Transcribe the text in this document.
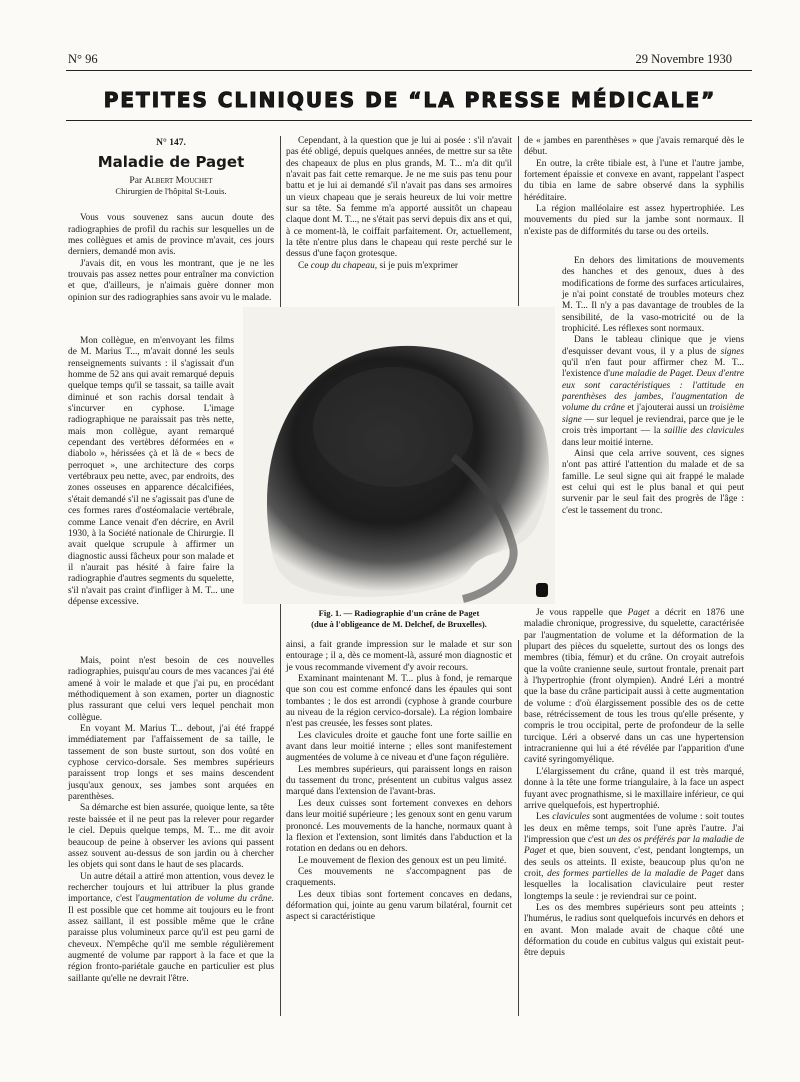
N° 96	29 Novembre 1930
PETITES CLINIQUES DE “LA PRESSE MÉDICALE”
N° 147.
Maladie de Paget
Par Albert Mouchet
Chirurgien de l'hôpital St-Louis.

Vous vous souvenez sans aucun doute des radiographies de profil du rachis sur lesquelles un de mes collègues et amis de province m'avait, ces jours derniers, demandé mon avis.

J'avais dit, en vous les montrant, que je ne les trouvais pas assez nettes pour entraîner ma conviction et que, d'ailleurs, je n'aimais guère donner mon opinion sur des radiographies sans avoir vu le malade.

Mon collègue, en m'envoyant les films de M. Marius T..., m'avait donné les seuls renseignements suivants : il s'agissait d'un homme de 52 ans qui avait remarqué depuis quelque temps qu'il se tassait, sa taille avait diminué et son rachis dorsal tendait à s'incurver en cyphose. L'image radiographique ne paraissait pas très nette, mais mon collègue, ayant remarqué cependant des vertèbres déformées en « diabolo », hérissées çà et là de « becs de perroquet », une architecture des corps vertébraux peu nette, avec, par endroits, des zones osseuses en apparence décalcifiées, s'était demandé s'il ne s'agissait pas d'une de ces formes rares d'ostéomalacie vertébrale, comme Lance venait d'en décrire, en Avril 1930, à la Société nationale de Chirurgie. Il avait quelque scrupule à affirmer un diagnostic aussi fâcheux pour son malade et il n'aurait pas hésité à faire faire la radiographie d'autres segments du squelette, s'il n'avait pas craint d'infliger à M. T... une dépense excessive.

Mais, point n'est besoin de ces nouvelles radiographies, puisqu'au cours de mes vacances j'ai été amené à voir le malade et que j'ai pu, en procédant méthodiquement à son examen, porter un diagnostic plus rassurant que celui vers lequel penchait mon collègue.

En voyant M. Marius T... debout, j'ai été frappé immédiatement par l'affaissement de sa taille, le tassement de son buste surtout, son dos voûté en cyphose cervico-dorsale. Ses membres supérieurs paraissent trop longs et ses mains descendent jusqu'aux genoux, ses jambes sont arquées en parenthèses.

Sa démarche est bien assurée, quoique lente, sa tête reste baissée et il ne peut pas la relever pour regarder le ciel. Depuis quelque temps, M. T... me dit avoir beaucoup de peine à observer les avions qui passent assez souvent au-dessus de son jardin ou à chercher les objets qui sont dans le haut de ses placards.

Un autre détail a attiré mon attention, vous devez le rechercher toujours et lui attribuer la plus grande importance, c'est l'augmentation de volume du crâne. Il est possible que cet homme ait toujours eu le front assez saillant, il est possible même que le crâne paraisse plus volumineux parce qu'il est peu garni de cheveux. N'empêche qu'il me semble régulièrement augmenté de volume par rapport à la face et que la région fronto-pariétale gauche en particulier est plus saillante qu'elle ne devrait l'être.

Cependant, à la question que je lui ai posée : s'il n'avait pas été obligé, depuis quelques années, de mettre sur sa tête des chapeaux de plus en plus grands, M. T... m'a dit qu'il n'avait pas fait cette remarque. Je ne me suis pas tenu pour battu et je lui ai demandé s'il n'avait pas dans ses armoires un vieux chapeau que je serais heureux de lui voir mettre sur sa tête. Sa femme m'a apporté aussitôt un chapeau claque dont M. T..., ne s'était pas servi depuis dix ans et qui, à ce moment-là, le coiffait parfaitement. Or, actuellement, la tête n'entre plus dans le chapeau qui reste perché sur le dessus d'une façon grotesque.

Ce coup du chapeau, si je puis m'exprimer

Fig. 1. — Radiographie d'un crâne de Paget
(due à l'obligeance de M. Delchef, de Bruxelles).

ainsi, a fait grande impression sur le malade et sur son entourage ; il a, dès ce moment-là, assuré mon diagnostic et je vous recommande vivement d'y avoir recours.

Examinant maintenant M. T... plus à fond, je remarque que son cou est comme enfoncé dans les épaules qui sont tombantes ; le dos est arrondi (cyphose à grande courbure au niveau de la région cervico-dorsale). La région lombaire n'est pas creusée, les fesses sont plates.

Les clavicules droite et gauche font une forte saillie en avant dans leur moitié interne ; elles sont manifestement augmentées de volume à ce niveau et d'une façon régulière.

Les membres supérieurs, qui paraissent longs en raison du tassement du tronc, présentent un cubitus valgus assez marqué dans l'extension de l'avant-bras.

Les deux cuisses sont fortement convexes en dehors dans leur moitié supérieure ; les genoux sont en genu varum prononcé. Les mouvements de la hanche, normaux quant à la flexion et l'extension, sont limités dans l'abduction et la rotation en dedans ou en dehors.

Le mouvement de flexion des genoux est un peu limité.

Ces mouvements ne s'accompagnent pas de craquements.

Les deux tibias sont fortement concaves en dedans, déformation qui, jointe au genu varum bilatéral, fournit cet aspect si caractéristique

de « jambes en parenthèses » que j'avais remarqué dès le début.

En outre, la crête tibiale est, à l'une et l'autre jambe, fortement épaissie et convexe en avant, rappelant l'aspect du tibia en lame de sabre observé dans la syphilis héréditaire.

La région malléolaire est assez hypertrophiée. Les mouvements du pied sur la jambe sont normaux. Il n'existe pas de difformités du tarse ou des orteils.

En dehors des limitations de mouvements des hanches et des genoux, dues à des modifications de forme des surfaces articulaires, je n'ai point constaté de troubles moteurs chez M. T... Il n'y a pas davantage de troubles de la sensibilité, de la vaso-motricité ou de la trophicité. Les réflexes sont normaux.

Dans le tableau clinique que je viens d'esquisser devant vous, il y a plus de signes qu'il n'en faut pour affirmer chez M. T... l'existence d'une maladie de Paget. Deux d'entre eux sont caractéristiques : l'attitude en parenthèses des jambes, l'augmentation de volume du crâne et j'ajouterai aussi un troisième signe — sur lequel je reviendrai, parce que je le crois très important — la saillie des clavicules dans leur moitié interne.

Ainsi que cela arrive souvent, ces signes n'ont pas attiré l'attention du malade et de sa famille. Le seul signe qui ait frappé le malade est celui qui est le plus banal et qui peut survenir par le seul fait des progrès de l'âge : c'est le tassement du tronc.

Je vous rappelle que Paget a décrit en 1876 une maladie chronique, progressive, du squelette, caractérisée par l'augmentation de volume et la déformation de la plupart des pièces du squelette, surtout des os longs des membres (tibia, fémur) et du crâne. On croyait autrefois que la voûte cranienne seule, surtout frontale, prenait part à l'hypertrophie (front olympien). André Léri a montré que la base du crâne participait aussi à cette augmentation de volume : d'où élargissement possible des os de cette base, rétrécissement de tous les trous qu'elle présente, y compris le trou occipital, perte de profondeur de la selle turcique. Léri a observé dans un cas une hypertension intracranienne qui lui a été révélée par l'apparition d'une cavité syringomyélique.

L'élargissement du crâne, quand il est très marqué, donne à la tête une forme triangulaire, à la face un aspect fuyant avec prognathisme, si le maxillaire inférieur, ce qui arrive quelquefois, est hypertrophié.

Les clavicules sont augmentées de volume : soit toutes les deux en même temps, soit l'une après l'autre. J'ai l'impression que c'est un des os préférés par la maladie de Paget et que, bien souvent, c'est, pendant longtemps, un des seuls os atteints. Il existe, beaucoup plus qu'on ne croit, des formes partielles de la maladie de Paget dans lesquelles la localisation claviculaire peut rester longtemps la seule : je reviendrai sur ce point.

Les os des membres supérieurs sont peu atteints ; l'humérus, le radius sont quelquefois incurvés en dehors et en avant. Mon malade avait de chaque côté une déformation du coude en cubitus valgus qui existait peut-être depuis
